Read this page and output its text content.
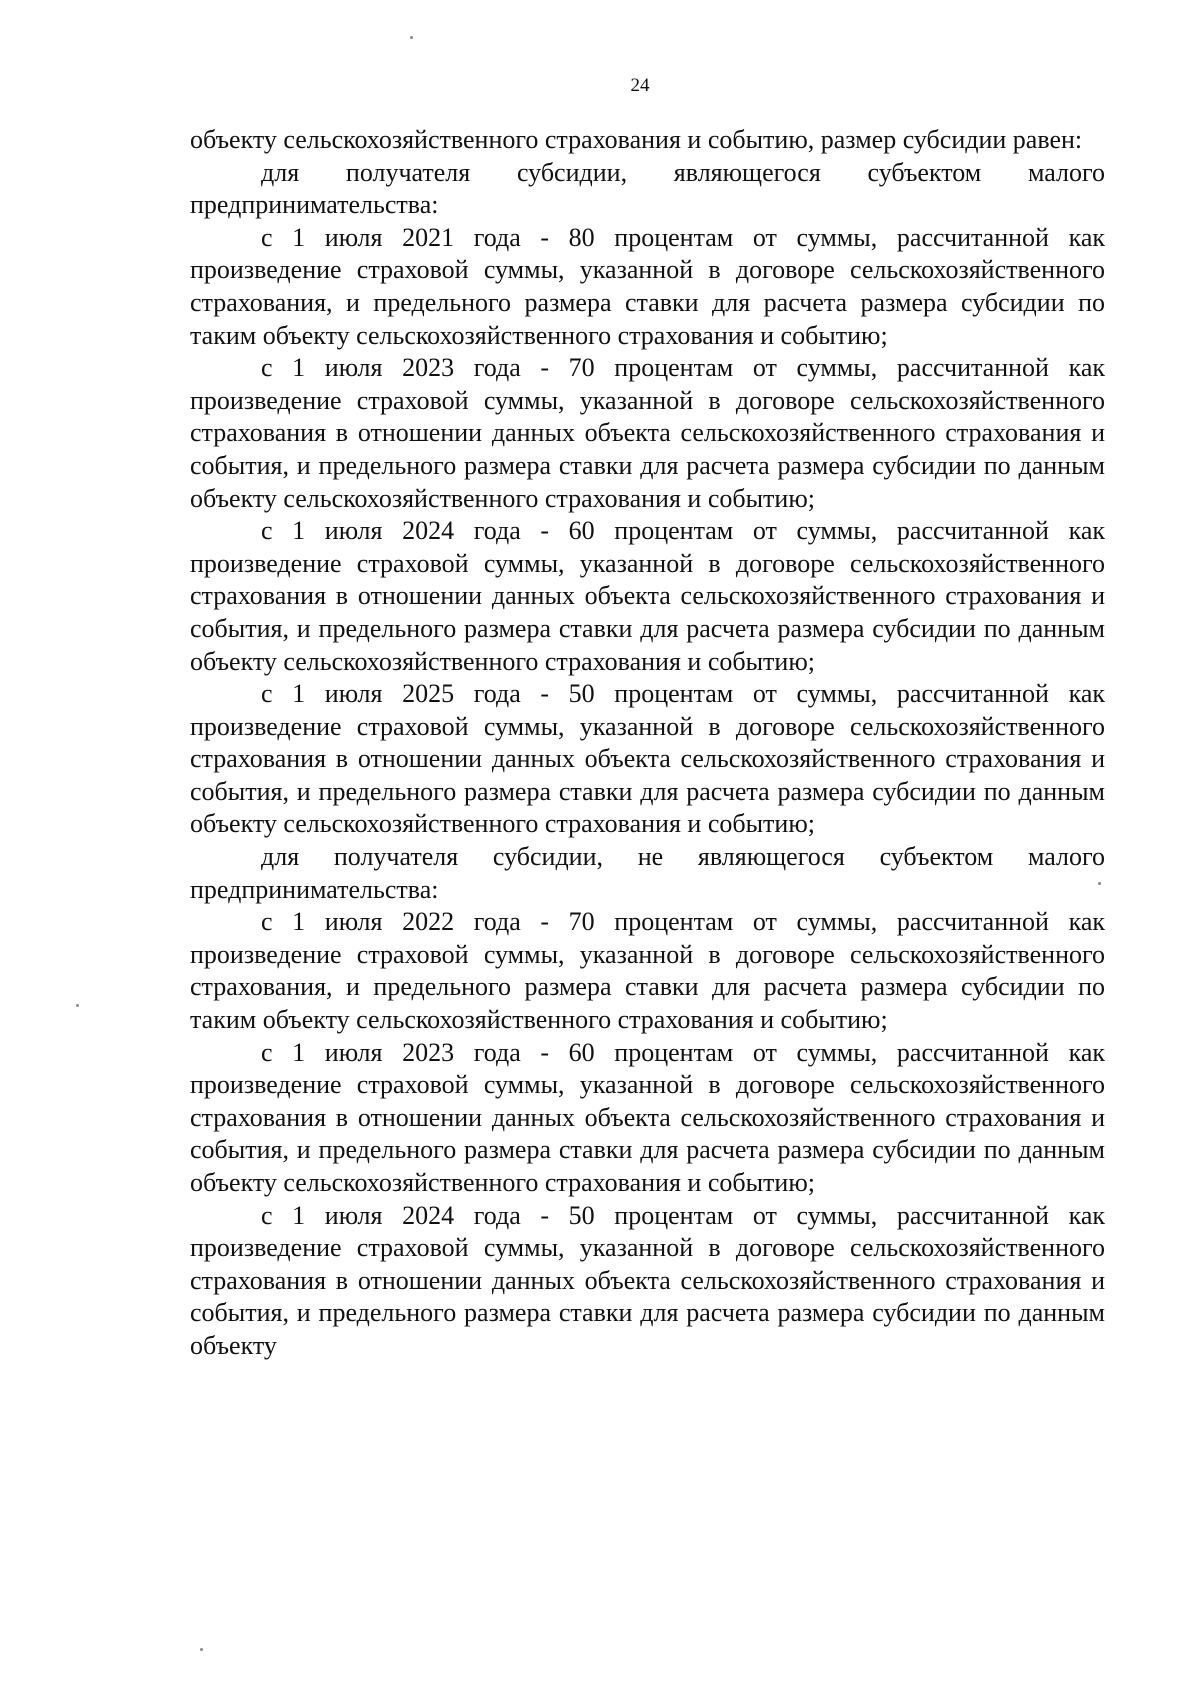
24

объекту сельскохозяйственного страхования и событию, размер субсидии равен:

для получателя субсидии, являющегося субъектом малого предпринимательства:

с 1 июля 2021 года - 80 процентам от суммы, рассчитанной как произведение страховой суммы, указанной в договоре сельскохозяйственного страхования, и предельного размера ставки для расчета размера субсидии по таким объекту сельскохозяйственного страхования и событию;

с 1 июля 2023 года - 70 процентам от суммы, рассчитанной как произведение страховой суммы, указанной в договоре сельскохозяйственного страхования в отношении данных объекта сельскохозяйственного страхования и события, и предельного размера ставки для расчета размера субсидии по данным объекту сельскохозяйственного страхования и событию;

с 1 июля 2024 года - 60 процентам от суммы, рассчитанной как произведение страховой суммы, указанной в договоре сельскохозяйственного страхования в отношении данных объекта сельскохозяйственного страхования и события, и предельного размера ставки для расчета размера субсидии по данным объекту сельскохозяйственного страхования и событию;

с 1 июля 2025 года - 50 процентам от суммы, рассчитанной как произведение страховой суммы, указанной в договоре сельскохозяйственного страхования в отношении данных объекта сельскохозяйственного страхования и события, и предельного размера ставки для расчета размера субсидии по данным объекту сельскохозяйственного страхования и событию;

для получателя субсидии, не являющегося субъектом малого предпринимательства:

с 1 июля 2022 года - 70 процентам от суммы, рассчитанной как произведение страховой суммы, указанной в договоре сельскохозяйственного страхования, и предельного размера ставки для расчета размера субсидии по таким объекту сельскохозяйственного страхования и событию;

с 1 июля 2023 года - 60 процентам от суммы, рассчитанной как произведение страховой суммы, указанной в договоре сельскохозяйственного страхования в отношении данных объекта сельскохозяйственного страхования и события, и предельного размера ставки для расчета размера субсидии по данным объекту сельскохозяйственного страхования и событию;

с 1 июля 2024 года - 50 процентам от суммы, рассчитанной как произведение страховой суммы, указанной в договоре сельскохозяйственного страхования в отношении данных объекта сельскохозяйственного страхования и события, и предельного размера ставки для расчета размера субсидии по данным объекту
